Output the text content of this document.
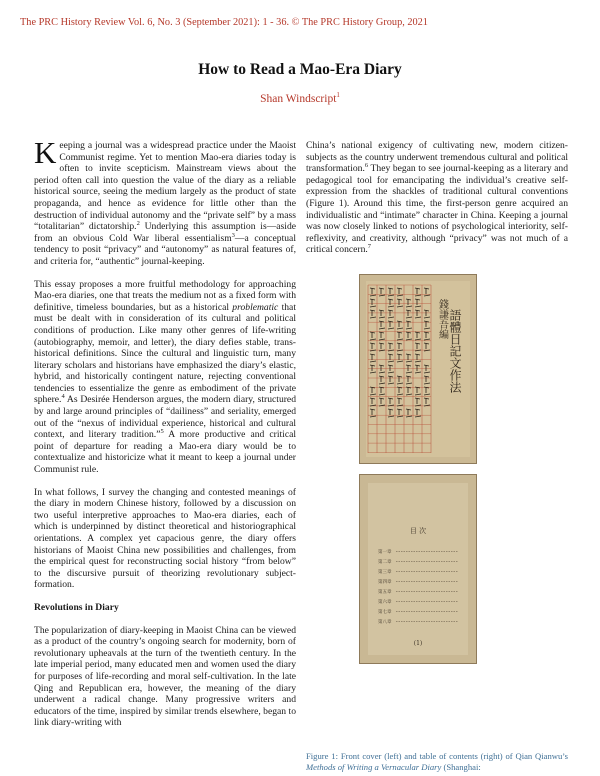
The PRC History Review Vol. 6, No. 3 (September 2021): 1 - 36. © The PRC History Group, 2021
How to Read a Mao-Era Diary
Shan Windscript$^1$

Keeping a journal was a widespread practice under the Maoist Communist regime. Yet to mention Mao-era diaries today is often to invite scepticism. Mainstream views about the period often call into question the value of the diary as a reliable historical source, seeing the medium largely as the product of state propaganda, and hence as evidence for little other than the destruction of individual autonomy and the “private self” by a mass “totalitarian” dictatorship.$^2$ Underlying this assumption is—aside from an obvious Cold War liberal essentialism$^3$—a conceptual tendency to posit “privacy” and “autonomy” as natural features of, and criteria for, “authentic” journal-keeping.

This essay proposes a more fruitful methodology for approaching Mao-era diaries, one that treats the medium not as a fixed form with definitive, timeless boundaries, but as a historical problematic that must be dealt with in consideration of its cultural and political conditions of production. Like many other genres of life-writing (autobiography, memoir, and letter), the diary defies stable, trans-historical definitions. Since the cultural and linguistic turn, many literary scholars and historians have emphasized the diary’s elastic, hybrid, and historically contingent nature, rejecting conventional tendencies to essentialize the genre as embodiment of the private sphere.$^4$ As Desirée Henderson argues, the modern diary, structured by and large around principles of “dailiness” and seriality, emerged out of the “nexus of individual experience, historical and cultural context, and literary tradition.”$^5$ A more productive and critical point of departure for reading a Mao-era diary would be to contextualize and historicize what it meant to keep a journal under Communist rule.

In what follows, I survey the changing and contested meanings of the diary in modern Chinese history, followed by a discussion on two useful interpretive approaches to Mao-era diaries, each of which is underpinned by distinct theoretical and historiographical orientations. A complex yet capacious genre, the diary offers historians of Maoist China new possibilities and challenges, from the empirical quest for reconstructing social history “from below” to the discursive pursuit of theorizing revolutionary subject-formation.

Revolutions in Diary

The popularization of diary-keeping in Maoist China can be viewed as a product of the country’s ongoing search for modernity, born of revolutionary upheavals at the turn of the twentieth century. In the late imperial period, many educated men and women used the diary for purposes of life-recording and moral self-cultivation. In the late Qing and Republican era, however, the meaning of the diary underwent a radical change. Many progressive writers and educators of the time, inspired by similar trends elsewhere, began to link diary-writing with

China’s national exigency of cultivating new, modern citizen-subjects as the country underwent tremendous cultural and political transformation.$^6$ They began to see journal-keeping as a literary and pedagogical tool for emancipating the individual’s creative self-expression from the shackles of traditional cultural conventions (Figure 1). Around this time, the first-person genre acquired an individualistic and “intimate” character in China. Keeping a journal was now closely linked to notions of psychological interiority, self-reflexivity, and creativity, although “privacy” was not much of a critical concern.$^7$

錢謙吾編 語體日記文作法
目 次
第一章
第二章
第三章
第四章
第五章
第六章
第七章
第八章
(1)
Figure 1: Front cover (left) and table of contents (right) of Qian Qianwu’s Methods of Writing a Vernacular Diary (Shanghai:
